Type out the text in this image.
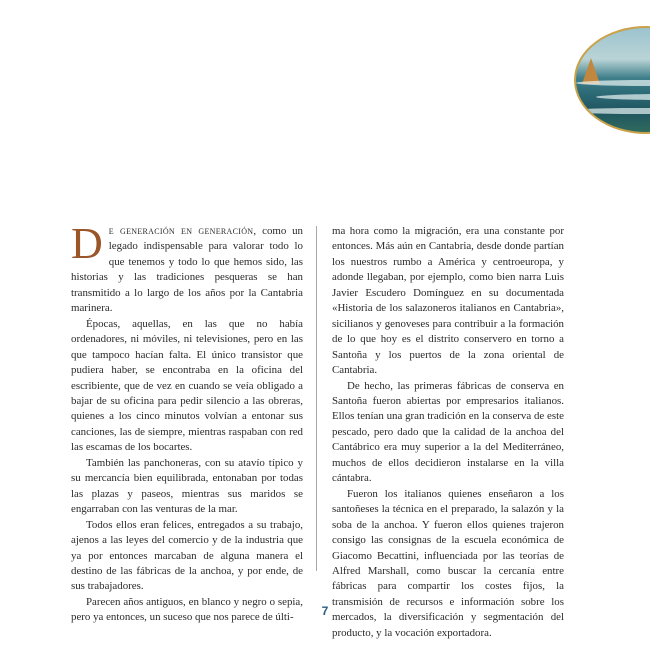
De generación en generación, como un legado indispensable para valorar todo lo que tenemos y todo lo que hemos sido, las historias y las tradiciones pesqueras se han transmitido a lo largo de los años por la Cantabria marinera.

Épocas, aquellas, en las que no había ordenadores, ni móviles, ni televisiones, pero en las que tampoco hacían falta. El único transistor que pudiera haber, se encontraba en la oficina del escribiente, que de vez en cuando se veía obligado a bajar de su oficina para pedir silencio a las obreras, quienes a los cinco minutos volvían a entonar sus canciones, las de siempre, mientras raspaban con red las escamas de los bocartes.

También las panchoneras, con su atavío típico y su mercancía bien equilibrada, entonaban por todas las plazas y paseos, mientras sus maridos se engarraban con las venturas de la mar.

Todos ellos eran felices, entregados a su trabajo, ajenos a las leyes del comercio y de la industria que ya por entonces marcaban de alguna manera el destino de las fábricas de la anchoa, y por ende, de sus trabajadores.

Parecen años antiguos, en blanco y negro o sepia, pero ya entonces, un suceso que nos parece de últi-

ma hora como la migración, era una constante por entonces. Más aún en Cantabria, desde donde partían los nuestros rumbo a América y centroeuropa, y adonde llegaban, por ejemplo, como bien narra Luis Javier Escudero Domínguez en su documentada «Historia de los salazoneros italianos en Cantabria», sicilianos y genoveses para contribuir a la formación de lo que hoy es el distrito conservero en torno a Santoña y los puertos de la zona oriental de Cantabria.

De hecho, las primeras fábricas de conserva en Santoña fueron abiertas por empresarios italianos. Ellos tenían una gran tradición en la conserva de este pescado, pero dado que la calidad de la anchoa del Cantábrico era muy superior a la del Mediterráneo, muchos de ellos decidieron instalarse en la villa cántabra.

Fueron los italianos quienes enseñaron a los santoñeses la técnica en el preparado, la salazón y la soba de la anchoa. Y fueron ellos quienes trajeron consigo las consignas de la escuela económica de Giacomo Becattini, influenciada por las teorías de Alfred Marshall, como buscar la cercanía entre fábricas para compartir los costes fijos, la transmisión de recursos e información sobre los mercados, la diversificación y segmentación del producto, y la vocación exportadora.

7
